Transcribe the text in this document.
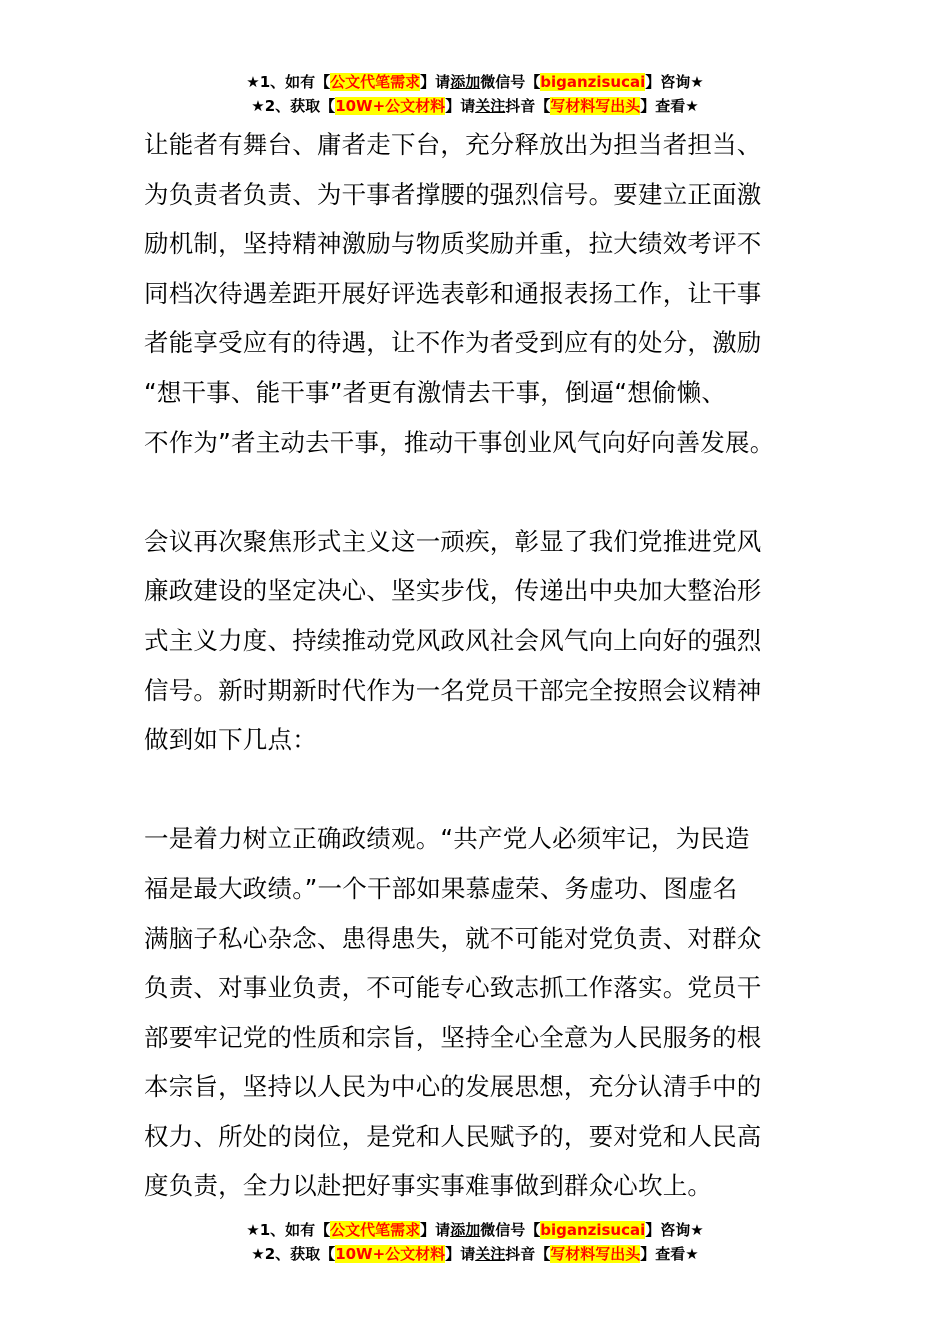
★1、如有【公文代笔需求】请添加微信号【biganzisucai】咨询★
★2、获取【10W+公文材料】请关注抖音【写材料写出头】查看★
让能者有舞台、庸者走下台，充分释放出为担当者担当、
为负责者负责、为干事者撑腰的强烈信号。要建立正面激
励机制，坚持精神激励与物质奖励并重，拉大绩效考评不
同档次待遇差距开展好评选表彰和通报表扬工作，让干事
者能享受应有的待遇，让不作为者受到应有的处分，激励
“想干事、能干事”者更有激情去干事，倒逼“想偷懒、
不作为”者主动去干事，推动干事创业风气向好向善发展。
会议再次聚焦形式主义这一顽疾，彰显了我们党推进党风
廉政建设的坚定决心、坚实步伐，传递出中央加大整治形
式主义力度、持续推动党风政风社会风气向上向好的强烈
信号。新时期新时代作为一名党员干部完全按照会议精神
做到如下几点：
一是着力树立正确政绩观。“共产党人必须牢记，为民造
福是最大政绩。”一个干部如果慕虚荣、务虚功、图虚名
满脑子私心杂念、患得患失，就不可能对党负责、对群众
负责、对事业负责，不可能专心致志抓工作落实。党员干
部要牢记党的性质和宗旨，坚持全心全意为人民服务的根
本宗旨，坚持以人民为中心的发展思想，充分认清手中的
权力、所处的岗位，是党和人民赋予的，要对党和人民高
度负责，全力以赴把好事实事难事做到群众心坎上。
★1、如有【公文代笔需求】请添加微信号【biganzisucai】咨询★
★2、获取【10W+公文材料】请关注抖音【写材料写出头】查看★
